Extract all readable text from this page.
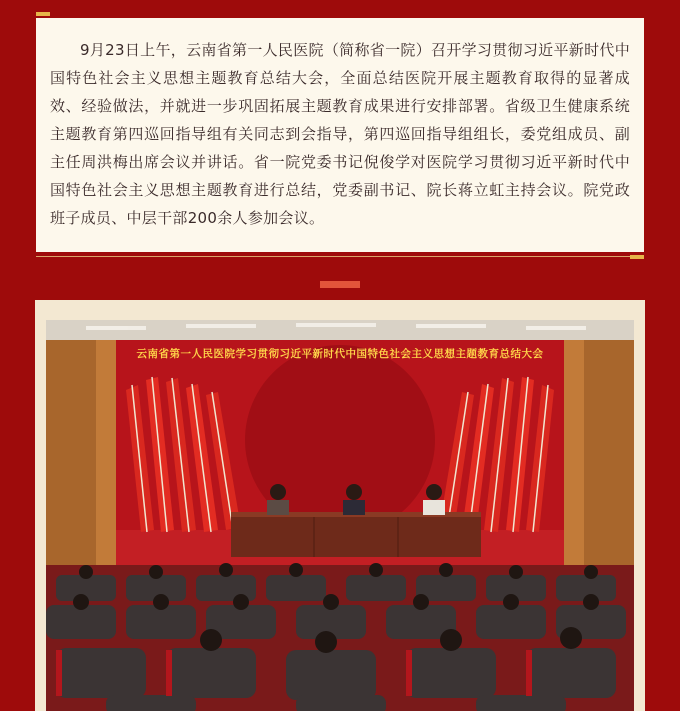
9月23日上午，云南省第一人民医院（简称省一院）召开学习贯彻习近平新时代中国特色社会主义思想主题教育总结大会，全面总结医院开展主题教育取得的显著成效、经验做法，并就进一步巩固拓展主题教育成果进行安排部署。省级卫生健康系统主题教育第四巡回指导组有关同志到会指导，第四巡回指导组组长，委党组成员、副主任周洪梅出席会议并讲话。省一院党委书记倪俊学对医院学习贯彻习近平新时代中国特色社会主义思想主题教育进行总结，党委副书记、院长蒋立虹主持会议。院党政班子成员、中层干部200余人参加会议。

云南省第一人民医院学习贯彻习近平新时代中国特色社会主义思想主题教育总结大会
